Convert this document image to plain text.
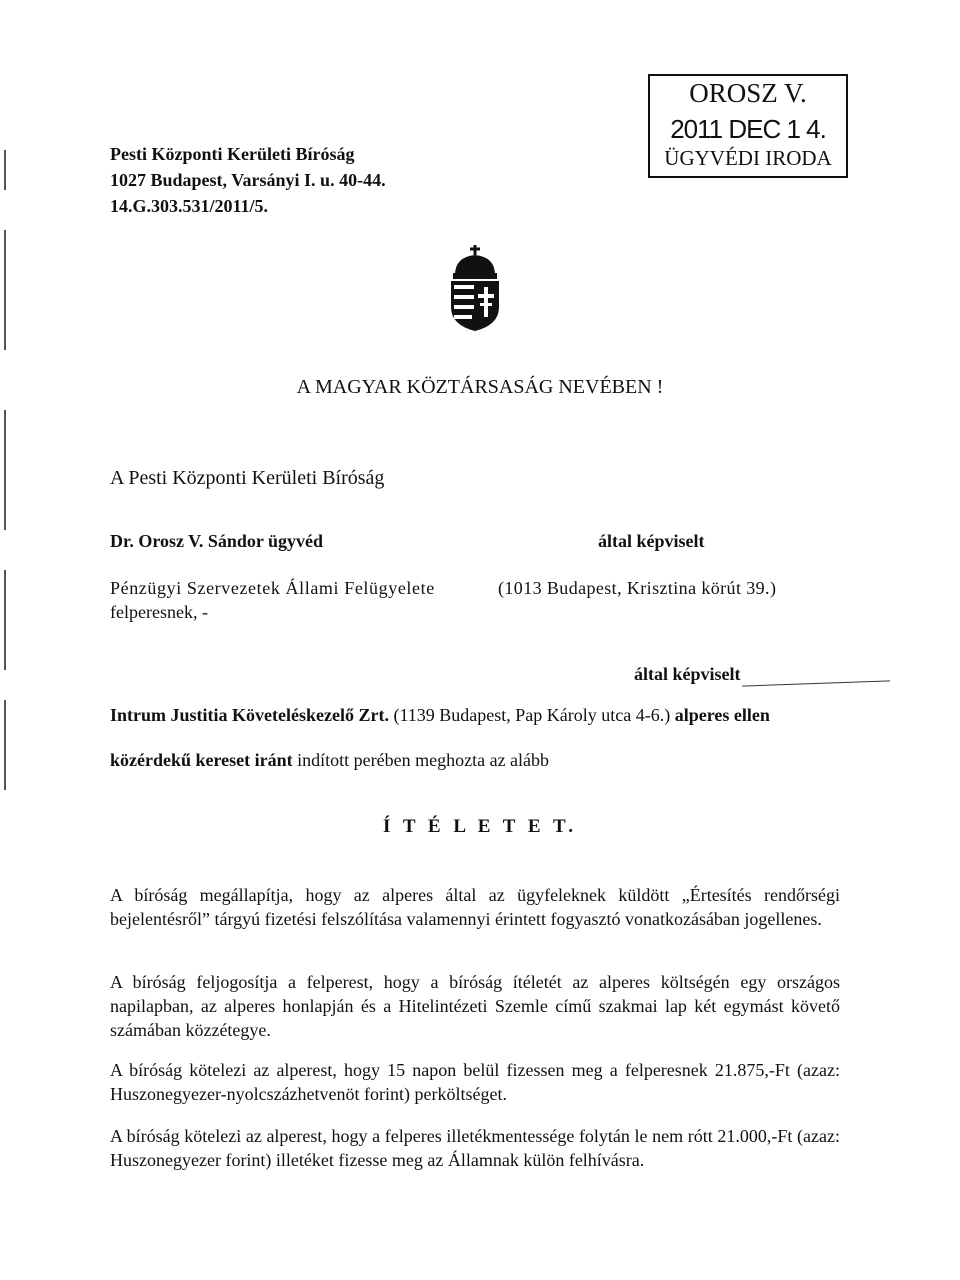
Pesti Központi Kerületi Bíróság
1027 Budapest, Varsányi I. u. 40-44.
14.G.303.531/2011/5.
OROSZ V.
2011 DEC 1 4.
ÜGYVÉDI IRODA
A MAGYAR KÖZTÁRSASÁG NEVÉBEN !
A Pesti Központi Kerületi Bíróság
Dr. Orosz V. Sándor ügyvéd	által képviselt
Pénzügyi Szervezetek Állami Felügyelete	(1013 Budapest, Krisztina körút 39.)
felperesnek, -
által képviselt
Intrum Justitia Követeléskezelő Zrt. (1139 Budapest, Pap Károly utca 4-6.) alperes ellen
közérdekű kereset iránt indított perében meghozta az alább
Í T É L E T E T.
A bíróság megállapítja, hogy az alperes által az ügyfeleknek küldött „Értesítés rendőrségi bejelentésről” tárgyú fizetési felszólítása valamennyi érintett fogyasztó vonatkozásában jogellenes.
A bíróság feljogosítja a felperest, hogy a bíróság ítéletét az alperes költségén egy országos napilapban, az alperes honlapján és a Hitelintézeti Szemle című szakmai lap két egymást követő számában közzétegye.
A bíróság kötelezi az alperest, hogy 15 napon belül fizessen meg a felperesnek 21.875,-Ft (azaz: Huszonegyezer-nyolcszázhetvenöt forint) perköltséget.
A bíróság kötelezi az alperest, hogy a felperes illetékmentessége folytán le nem rótt 21.000,-Ft (azaz: Huszonegyezer forint) illetéket fizesse meg az Államnak külön felhívásra.
